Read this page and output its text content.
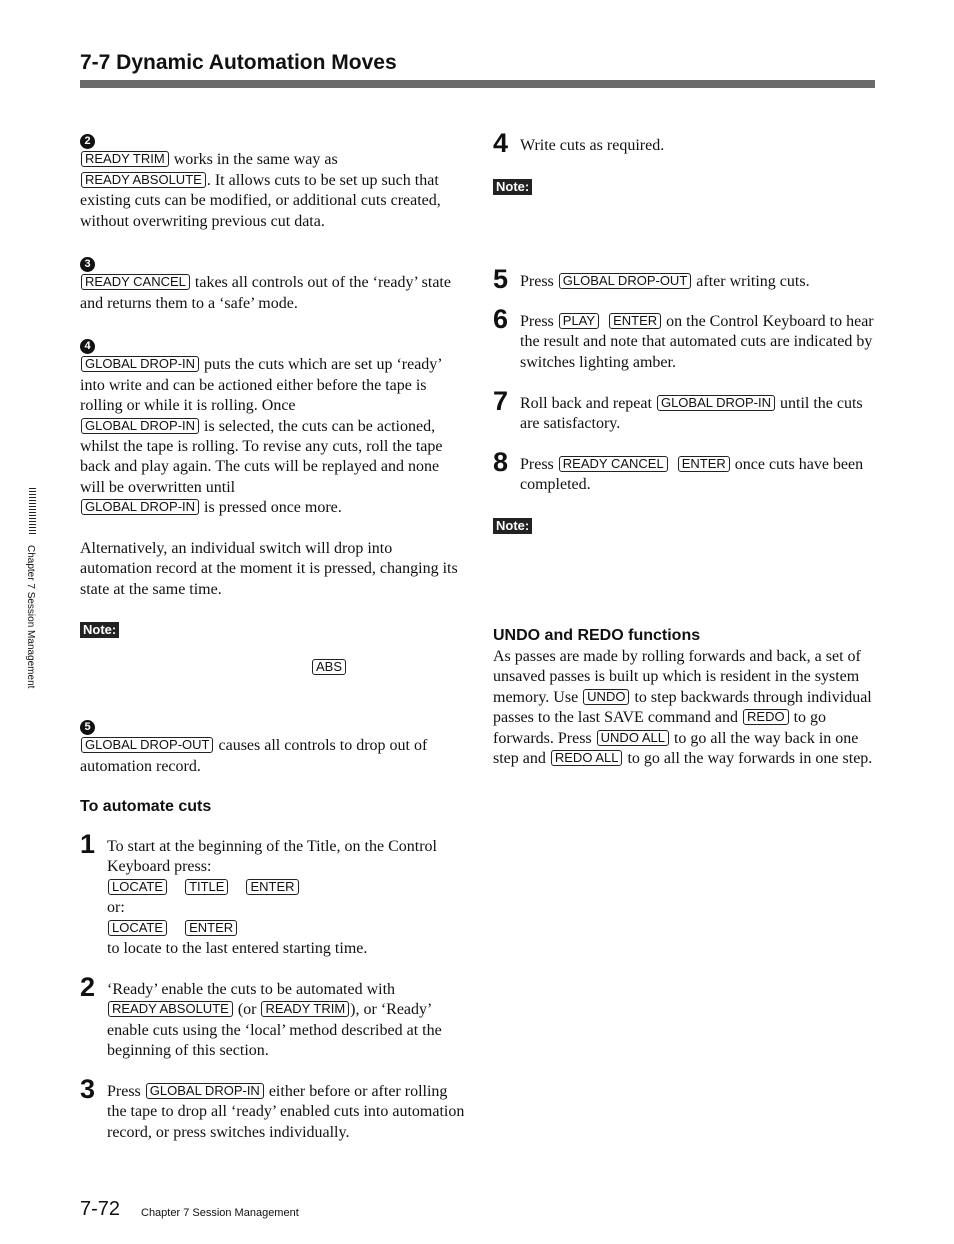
7-7 Dynamic Automation Moves
Chapter 7 Session Management

2
READY TRIM works in the same way as
READY ABSOLUTE . It allows cuts to be set up such that existing cuts can be modified, or additional cuts created, without overwriting previous cut data.

3
READY CANCEL takes all controls out of the ‘ready’ state and returns them to a ‘safe’ mode.

4
GLOBAL DROP-IN puts the cuts which are set up ‘ready’ into write and can be actioned either before the tape is rolling or while it is rolling. Once
GLOBAL DROP-IN is selected, the cuts can be actioned, whilst the tape is rolling. To revise any cuts, roll the tape back and play again. The cuts will be replayed and none will be overwritten until
GLOBAL DROP-IN is pressed once more.

Alternatively, an individual switch will drop into automation record at the moment it is pressed, changing its state at the same time.

Note:
ABS

5
GLOBAL DROP-OUT causes all controls to drop out of automation record.

To automate cuts
1 To start at the beginning of the Title, on the Control Keyboard press:
LOCATE TITLE ENTER
or:
LOCATE ENTER
to locate to the last entered starting time.
2 ‘Ready’ enable the cuts to be automated with
READY ABSOLUTE (or READY TRIM ), or ‘Ready’ enable cuts using the ‘local’ method described at the beginning of this section.
3 Press GLOBAL DROP-IN either before or after rolling the tape to drop all ‘ready’ enabled cuts into automation record, or press switches individually.
4 Write cuts as required.
Note:
5 Press GLOBAL DROP-OUT after writing cuts.
6 Press PLAY ENTER on the Control Keyboard to hear the result and note that automated cuts are indicated by switches lighting amber.
7 Roll back and repeat GLOBAL DROP-IN until the cuts are satisfactory.
8 Press READY CANCEL ENTER once cuts have been completed.
Note:
UNDO and REDO functions

As passes are made by rolling forwards and back, a set of unsaved passes is built up which is resident in the system memory. Use UNDO to step backwards through individual passes to the last SAVE command and REDO to go forwards. Press UNDO ALL to go all the way back in one step and REDO ALL to go all the way forwards in one step.

7-72 Chapter 7 Session Management
